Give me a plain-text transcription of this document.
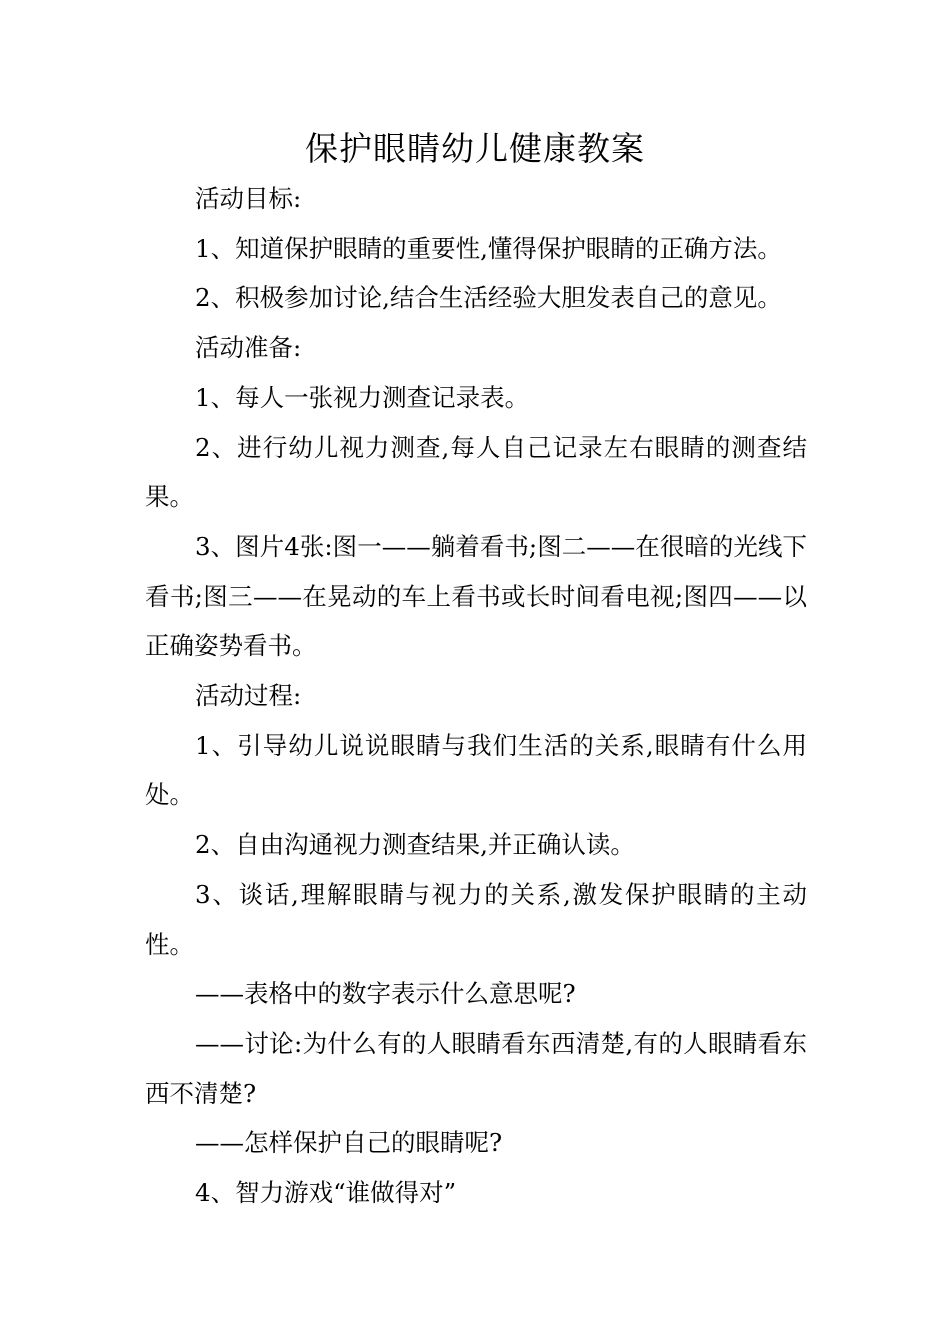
保护眼睛幼儿健康教案

活动目标:

1、知道保护眼睛的重要性,懂得保护眼睛的正确方法。

2、积极参加讨论,结合生活经验大胆发表自己的意见。

活动准备:

1、每人一张视力测查记录表。

2、进行幼儿视力测查,每人自己记录左右眼睛的测查结果。

3、图片4张:图一——躺着看书;图二——在很暗的光线下看书;图三——在晃动的车上看书或长时间看电视;图四——以正确姿势看书。

活动过程:

1、引导幼儿说说眼睛与我们生活的关系,眼睛有什么用处。

2、自由沟通视力测查结果,并正确认读。

3、谈话,理解眼睛与视力的关系,激发保护眼睛的主动性。

——表格中的数字表示什么意思呢?

——讨论:为什么有的人眼睛看东西清楚,有的人眼睛看东西不清楚?

——怎样保护自己的眼睛呢?

4、智力游戏“谁做得对”
